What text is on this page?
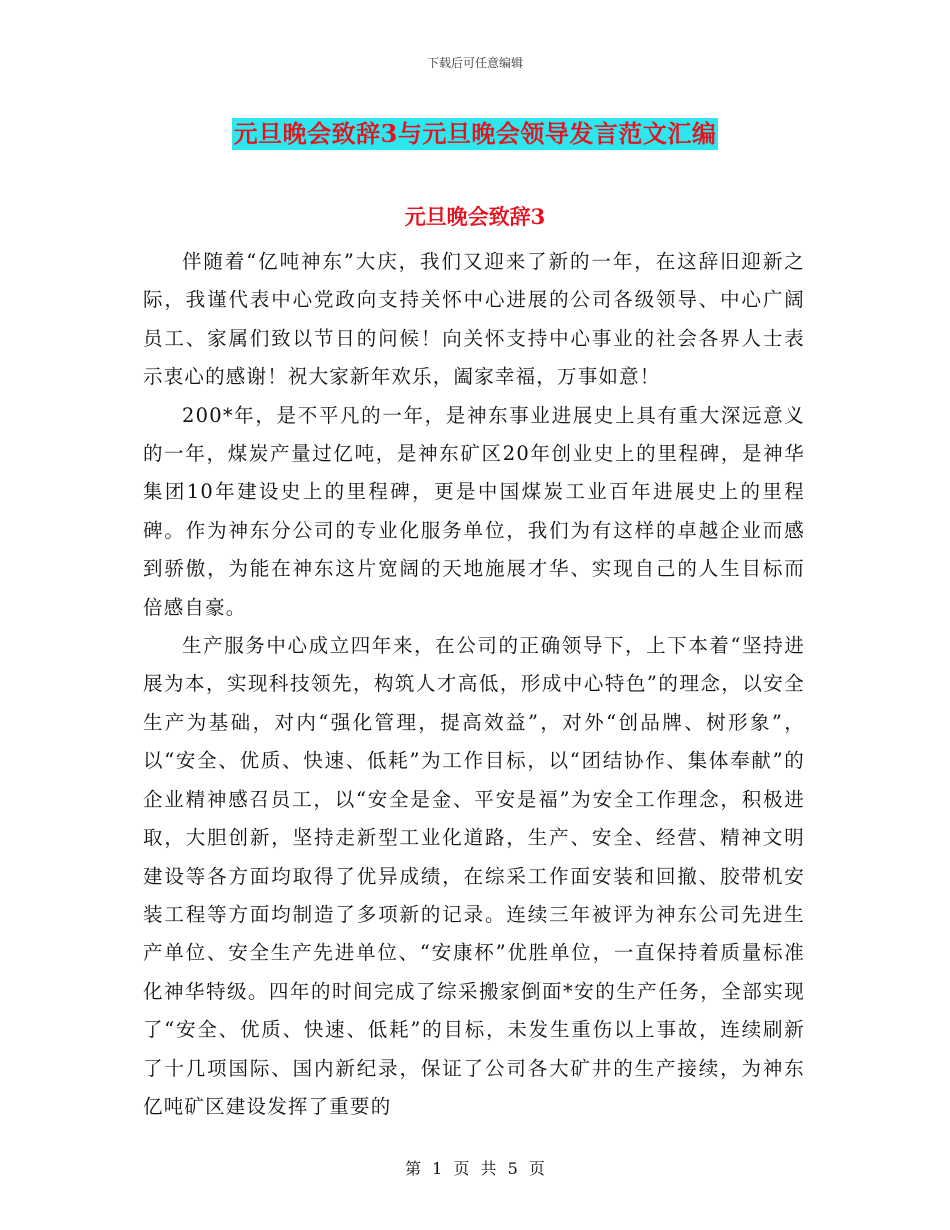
下载后可任意编辑
元旦晚会致辞3与元旦晚会领导发言范文汇编
元旦晚会致辞3

伴随着“亿吨神东”大庆，我们又迎来了新的一年，在这辞旧迎新之际，我谨代表中心党政向支持关怀中心进展的公司各级领导、中心广阔员工、家属们致以节日的问候！向关怀支持中心事业的社会各界人士表示衷心的感谢！祝大家新年欢乐，阖家幸福，万事如意！

200*年，是不平凡的一年，是神东事业进展史上具有重大深远意义的一年，煤炭产量过亿吨，是神东矿区20年创业史上的里程碑，是神华集团10年建设史上的里程碑，更是中国煤炭工业百年进展史上的里程碑。作为神东分公司的专业化服务单位，我们为有这样的卓越企业而感到骄傲，为能在神东这片宽阔的天地施展才华、实现自己的人生目标而倍感自豪。

生产服务中心成立四年来，在公司的正确领导下，上下本着“坚持进展为本，实现科技领先，构筑人才高低，形成中心特色”的理念，以安全生产为基础，对内“强化管理，提高效益”，对外“创品牌、树形象”，以“安全、优质、快速、低耗”为工作目标，以“团结协作、集体奉献”的企业精神感召员工，以“安全是金、平安是福”为安全工作理念，积极进取，大胆创新，坚持走新型工业化道路，生产、安全、经营、精神文明建设等各方面均取得了优异成绩，在综采工作面安装和回撤、胶带机安装工程等方面均制造了多项新的记录。连续三年被评为神东公司先进生产单位、安全生产先进单位、“安康杯”优胜单位，一直保持着质量标准化神华特级。四年的时间完成了综采搬家倒面*安的生产任务，全部实现了“安全、优质、快速、低耗”的目标，未发生重伤以上事故，连续刷新了十几项国际、国内新纪录，保证了公司各大矿井的生产接续，为神东亿吨矿区建设发挥了重要的

第 1 页 共 5 页
